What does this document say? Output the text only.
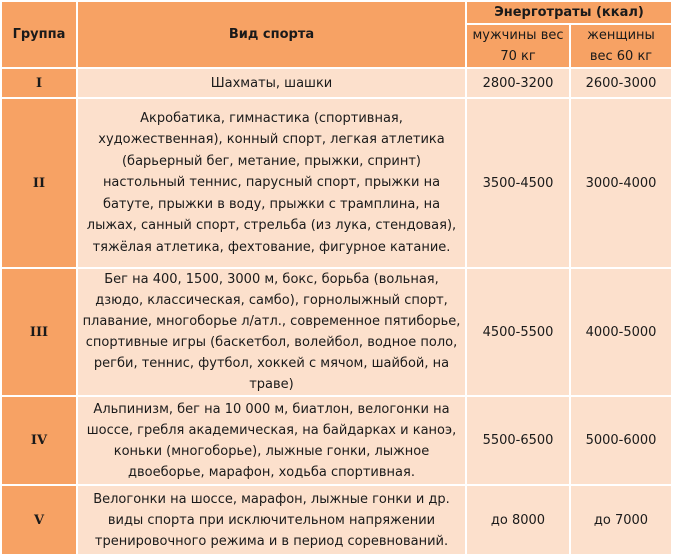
Группа	Вид спорта	Энерготраты (ккал)	
		мужчины вес 70 кг	женщины вес 60 кг
I	Шахматы, шашки	2800-3200	2600-3000
II	Акробатика, гимнастика (спортивная, художественная), конный спорт, легкая атлетика (барьерный бег, метание, прыжки, спринт) настольный теннис, парусный спорт, прыжки на батуте, прыжки в воду, прыжки с трамплина, на лыжах, санный спорт, стрельба (из лука, стендовая), тяжёлая атлетика, фехтование, фигурное катание.	3500-4500	3000-4000
III	Бег на 400, 1500, 3000 м, бокс, борьба (вольная, дзюдо, классическая, самбо), горнолыжный спорт, плавание, многоборье л/атл., современное пятиборье, спортивные игры (баскетбол, волейбол, водное поло, регби, теннис, футбол, хоккей с мячом, шайбой, на траве)	4500-5500	4000-5000
IV	Альпинизм, бег на 10 000 м, биатлон, велогонки на шоссе, гребля академическая, на байдарках и каноэ, коньки (многоборье), лыжные гонки, лыжное двоеборье, марафон, ходьба спортивная.	5500-6500	5000-6000
V	Велогонки на шоссе, марафон, лыжные гонки и др. виды спорта при исключительном напряжении тренировочного режима и в период соревнований.	до 8000	до 7000
